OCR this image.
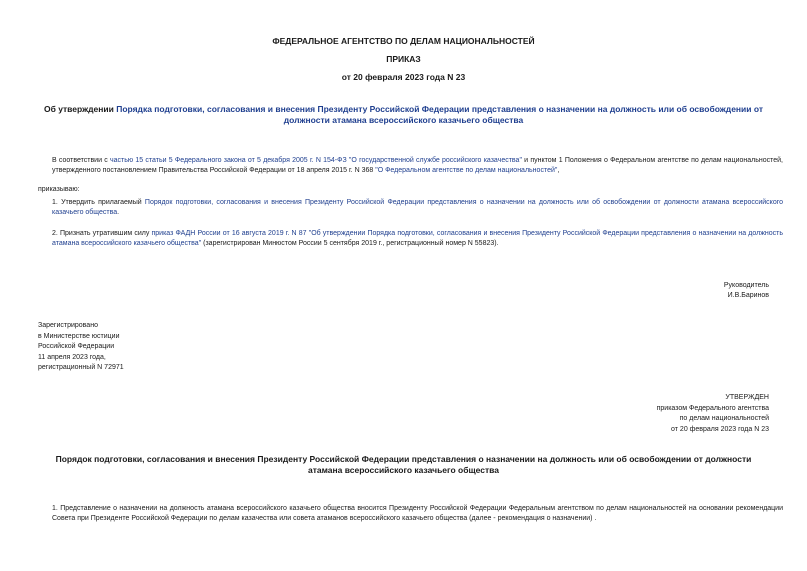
ФЕДЕРАЛЬНОЕ АГЕНТСТВО ПО ДЕЛАМ НАЦИОНАЛЬНОСТЕЙ
ПРИКАЗ
от 20 февраля 2023 года N 23
Об утверждении Порядка подготовки, согласования и внесения Президенту Российской Федерации представления о назначении на должность или об освобождении от должности атамана всероссийского казачьего общества
В соответствии с частью 15 статьи 5 Федерального закона от 5 декабря 2005 г. N 154-ФЗ "О государственной службе российского казачества" и пунктом 1 Положения о Федеральном агентстве по делам национальностей, утвержденного постановлением Правительства Российской Федерации от 18 апреля 2015 г. N 368 "О Федеральном агентстве по делам национальностей",
приказываю:
1. Утвердить прилагаемый Порядок подготовки, согласования и внесения Президенту Российской Федерации представления о назначении на должность или об освобождении от должности атамана всероссийского казачьего общества.
2. Признать утратившим силу приказ ФАДН России от 16 августа 2019 г. N 87 "Об утверждении Порядка подготовки, согласования и внесения Президенту Российской Федерации представления о назначении на должность атамана всероссийского казачьего общества" (зарегистрирован Минюстом России 5 сентября 2019 г., регистрационный номер N 55823).
Руководитель
И.В.Баринов
Зарегистрировано
в Министерстве юстиции
Российской Федерации
11 апреля 2023 года,
регистрационный N 72971
УТВЕРЖДЕН
приказом Федерального агентства
по делам национальностей
от 20 февраля 2023 года N 23
Порядок подготовки, согласования и внесения Президенту Российской Федерации представления о назначении на должность или об освобождении от должности атамана всероссийского казачьего общества
1. Представление о назначении на должность атамана всероссийского казачьего общества вносится Президенту Российской Федерации Федеральным агентством по делам национальностей на основании рекомендации Совета при Президенте Российской Федерации по делам казачества или совета атаманов всероссийского казачьего общества (далее - рекомендация о назначении) .
